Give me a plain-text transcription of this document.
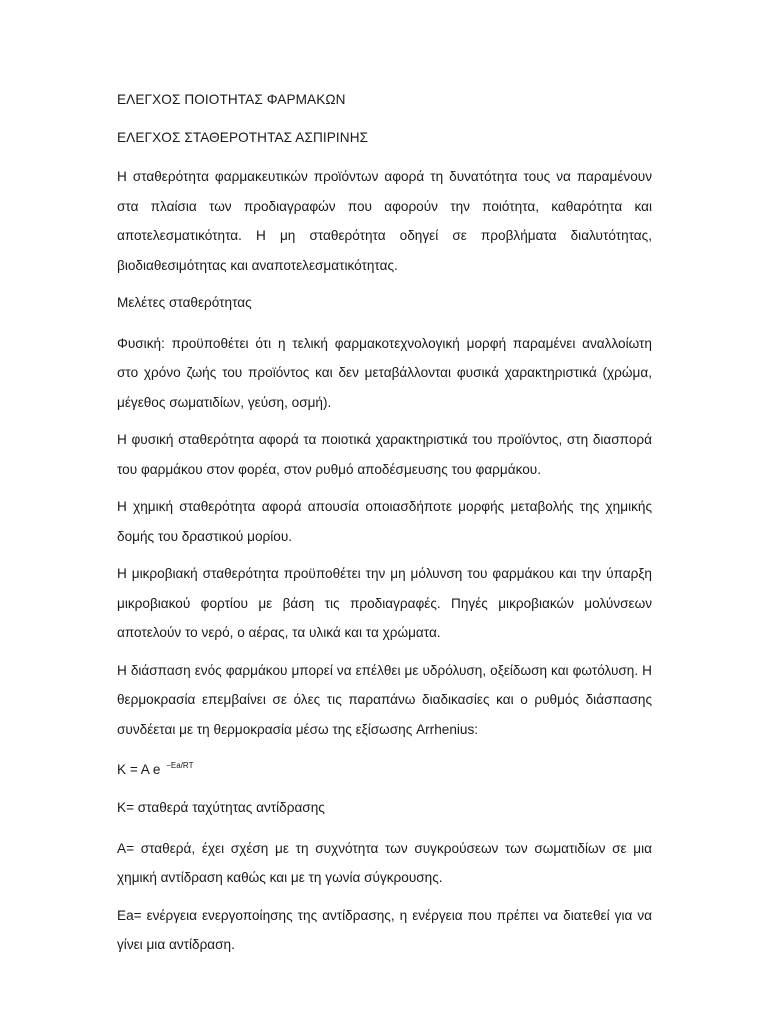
ΕΛΕΓΧΟΣ ΠΟΙΟΤΗΤΑΣ ΦΑΡΜΑΚΩΝ
ΕΛΕΓΧΟΣ ΣΤΑΘΕΡΟΤΗΤΑΣ ΑΣΠΙΡΙΝΗΣ

Η σταθερότητα φαρμακευτικών προϊόντων αφορά τη δυνατότητα τους να παραμένουν στα πλαίσια των προδιαγραφών που αφορούν την ποιότητα, καθαρότητα και αποτελεσματικότητα. Η μη σταθερότητα οδηγεί σε προβλήματα διαλυτότητας, βιοδιαθεσιμότητας και αναποτελεσματικότητας.

Μελέτες σταθερότητας

Φυσική: προϋποθέτει ότι η τελική φαρμακοτεχνολογική μορφή παραμένει αναλλοίωτη στο χρόνο ζωής του προϊόντος και δεν μεταβάλλονται φυσικά χαρακτηριστικά (χρώμα, μέγεθος σωματιδίων, γεύση, οσμή).

Η φυσική σταθερότητα αφορά τα ποιοτικά χαρακτηριστικά του προϊόντος, στη διασπορά του φαρμάκου στον φορέα, στον ρυθμό αποδέσμευσης του φαρμάκου.

Η χημική σταθερότητα αφορά απουσία οποιασδήποτε μορφής μεταβολής της χημικής δομής του δραστικού μορίου.

Η μικροβιακή σταθερότητα προϋποθέτει την μη μόλυνση του φαρμάκου και την ύπαρξη μικροβιακού φορτίου με βάση τις προδιαγραφές. Πηγές μικροβιακών μολύνσεων αποτελούν το νερό, ο αέρας, τα υλικά και τα χρώματα.

Η διάσπαση ενός φαρμάκου μπορεί να επέλθει με υδρόλυση, οξείδωση και φωτόλυση. Η θερμοκρασία επεμβαίνει σε όλες τις παραπάνω διαδικασίες και ο ρυθμός διάσπασης συνδέεται με τη θερμοκρασία μέσω της εξίσωσης Arrhenius:

K = A e $^{-Ea/RT}$

K= σταθερά ταχύτητας αντίδρασης

A= σταθερά, έχει σχέση με τη συχνότητα των συγκρούσεων των σωματιδίων σε μια χημική αντίδραση καθώς και με τη γωνία σύγκρουσης.

Ea= ενέργεια ενεργοποίησης της αντίδρασης, η ενέργεια που πρέπει να διατεθεί για να γίνει μια αντίδραση.
